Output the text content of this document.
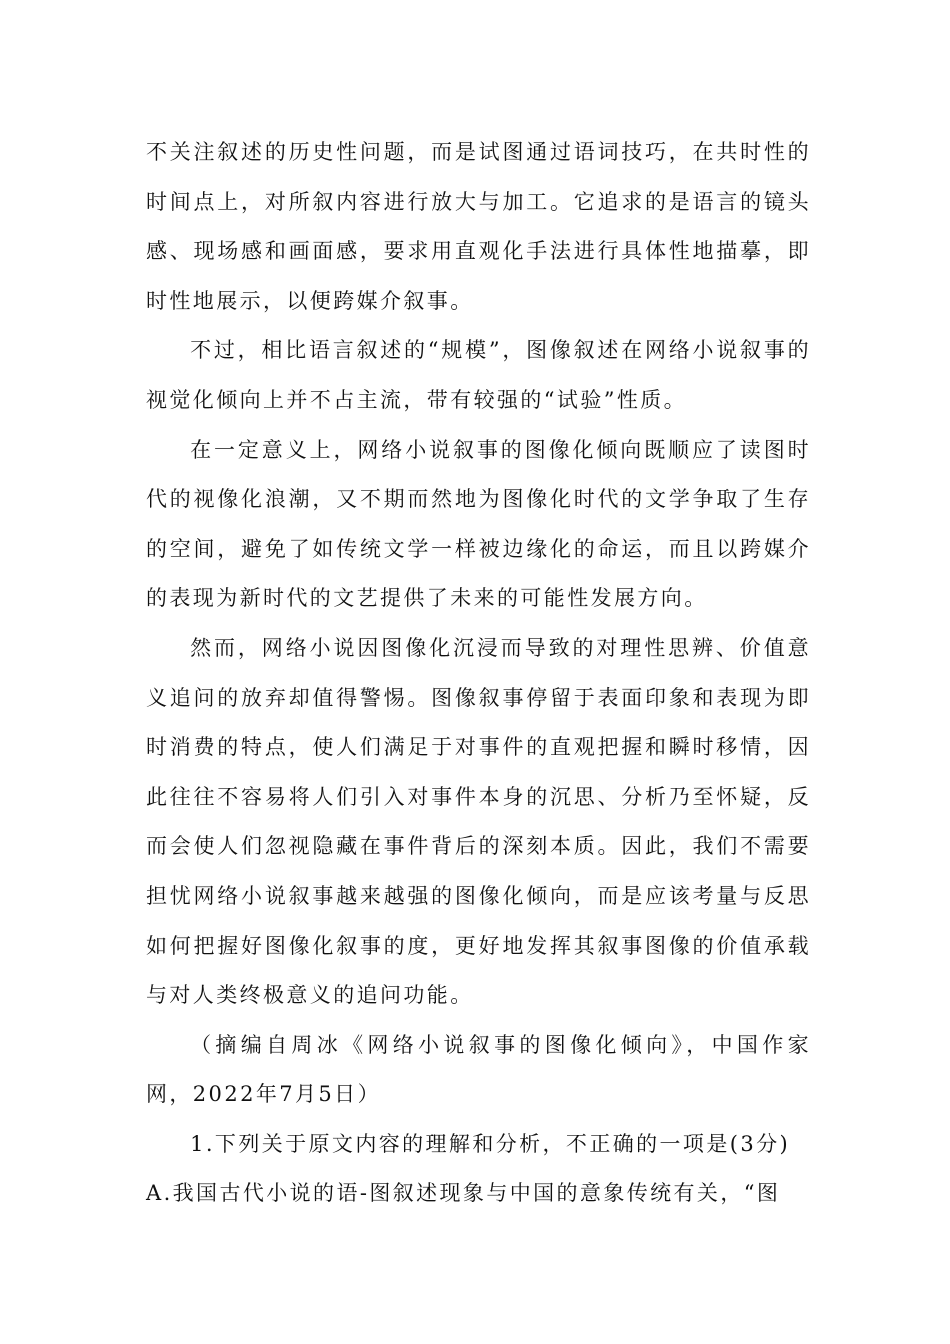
不关注叙述的历史性问题，而是试图通过语词技巧，在共时性的时间点上，对所叙内容进行放大与加工。它追求的是语言的镜头感、现场感和画面感，要求用直观化手法进行具体性地描摹，即时性地展示，以便跨媒介叙事。

不过，相比语言叙述的“规模”，图像叙述在网络小说叙事的视觉化倾向上并不占主流，带有较强的“试验”性质。

在一定意义上，网络小说叙事的图像化倾向既顺应了读图时代的视像化浪潮，又不期而然地为图像化时代的文学争取了生存的空间，避免了如传统文学一样被边缘化的命运，而且以跨媒介的表现为新时代的文艺提供了未来的可能性发展方向。

然而，网络小说因图像化沉浸而导致的对理性思辨、价值意义追问的放弃却值得警惕。图像叙事停留于表面印象和表现为即时消费的特点，使人们满足于对事件的直观把握和瞬时移情，因此往往不容易将人们引入对事件本身的沉思、分析乃至怀疑，反而会使人们忽视隐藏在事件背后的深刻本质。因此，我们不需要担忧网络小说叙事越来越强的图像化倾向，而是应该考量与反思如何把握好图像化叙事的度，更好地发挥其叙事图像的价值承载与对人类终极意义的追问功能。

（摘编自周冰《网络小说叙事的图像化倾向》，中国作家网，2022年7月5日）

1.下列关于原文内容的理解和分析，不正确的一项是(3分)

A.我国古代小说的语-图叙述现象与中国的意象传统有关，“图
